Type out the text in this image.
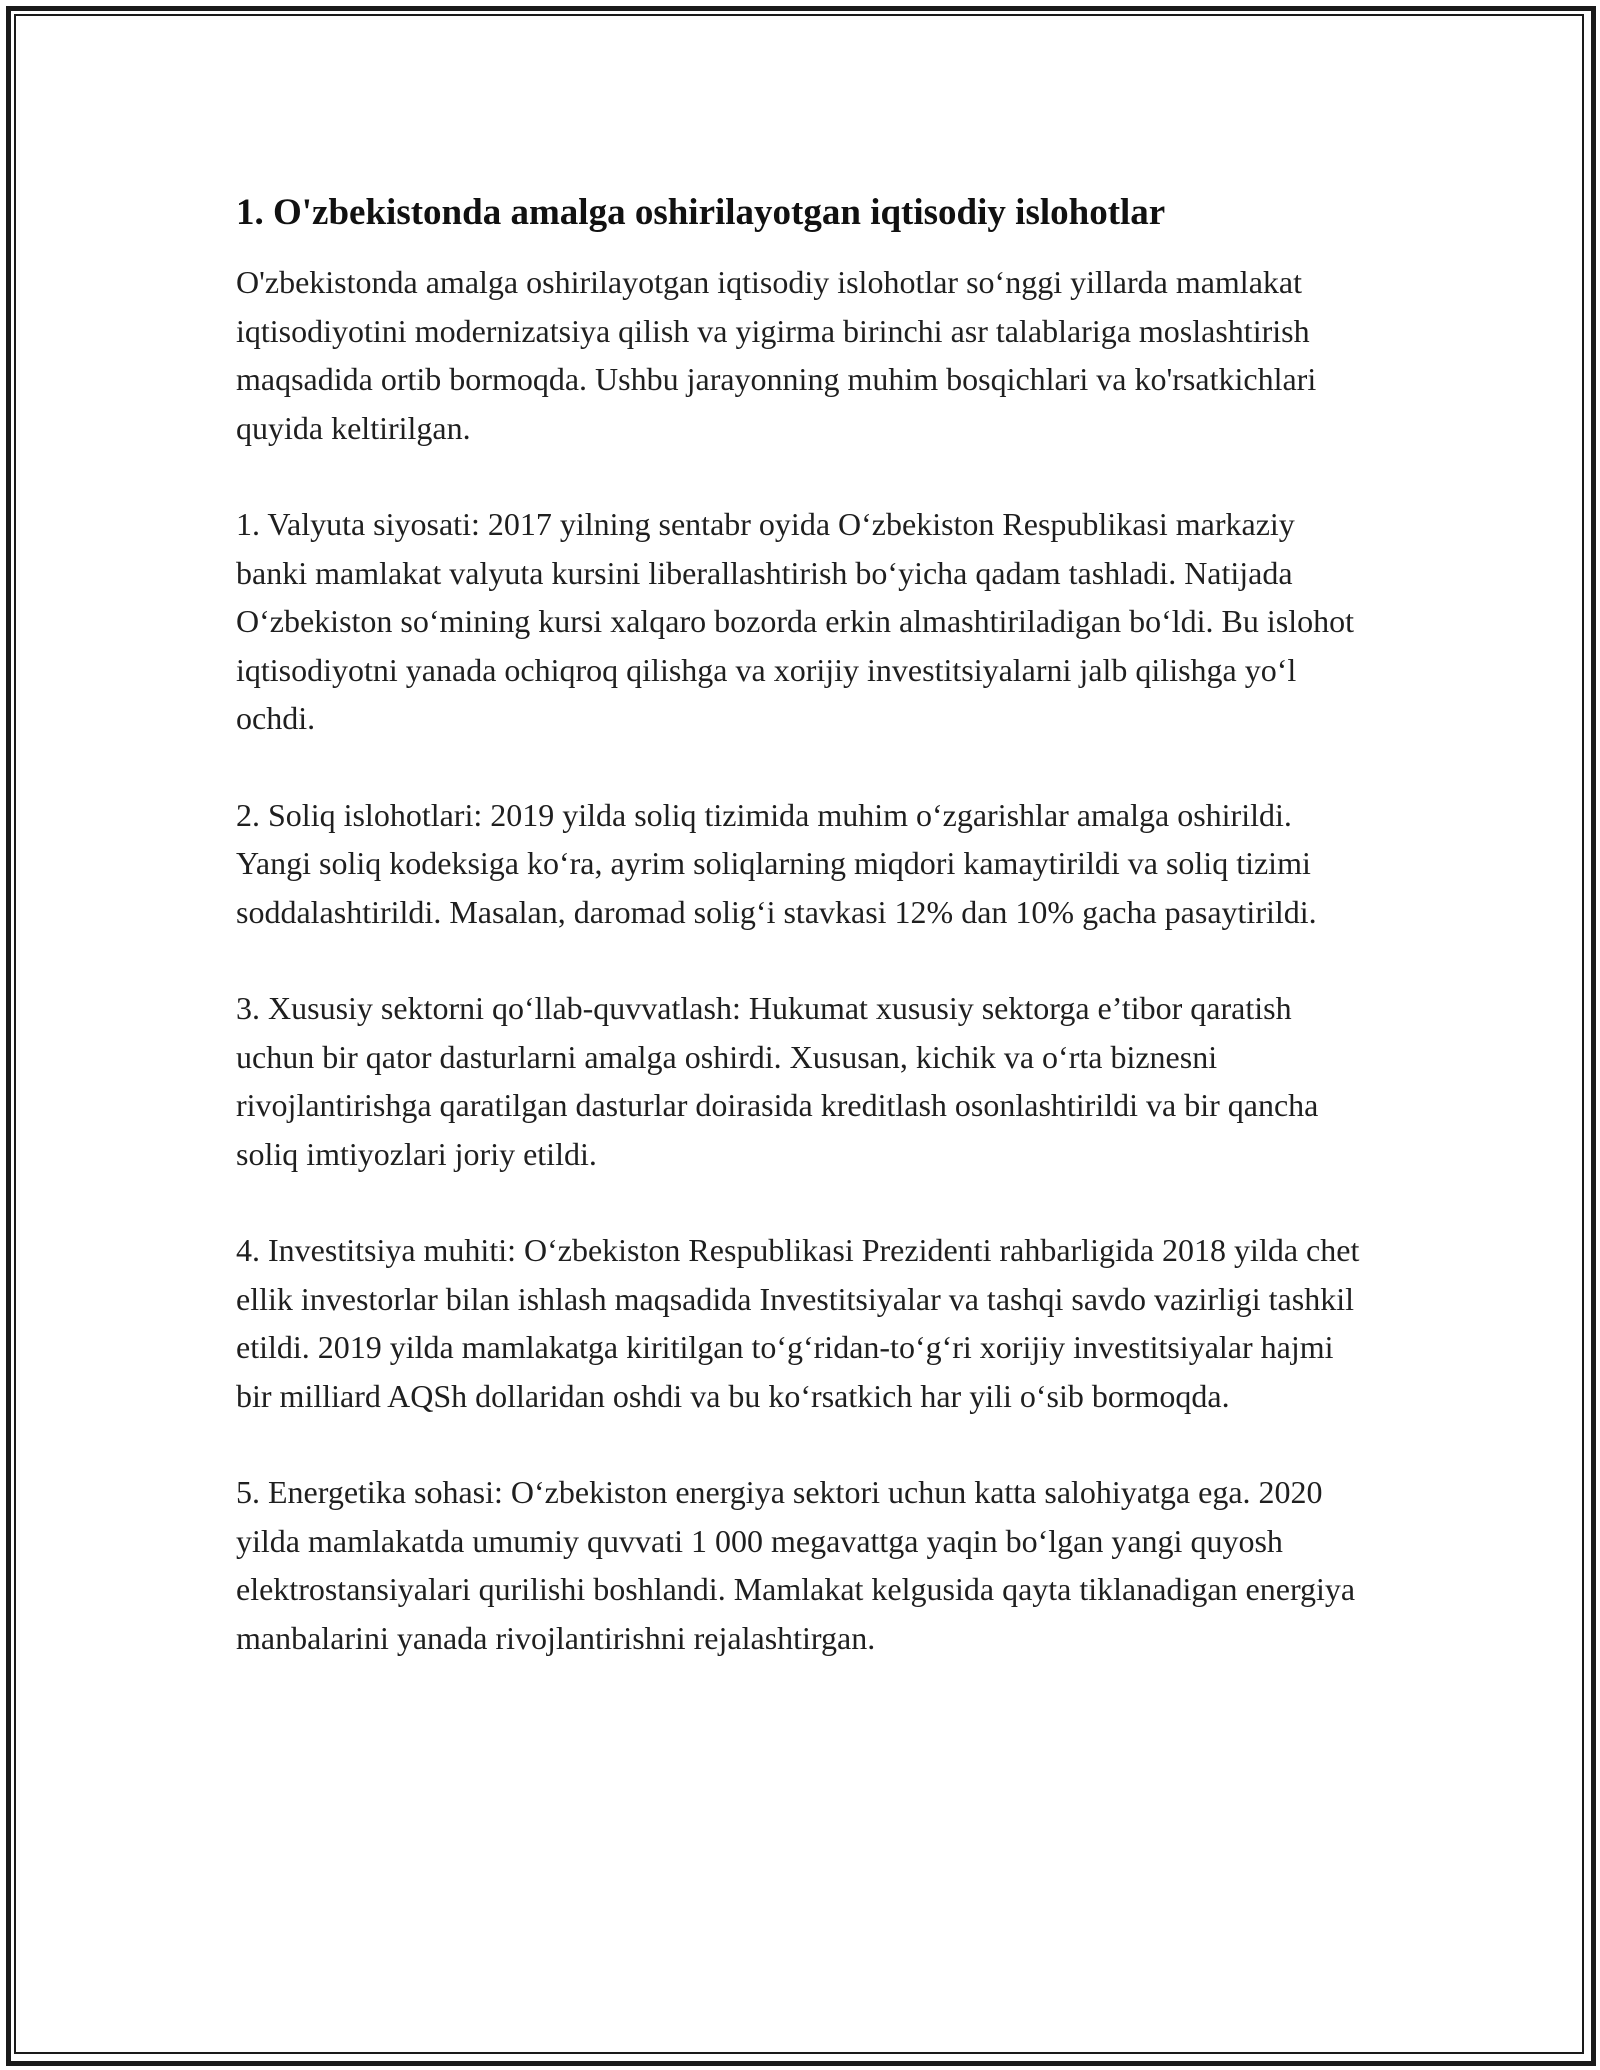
1. O'zbekistonda amalga oshirilayotgan iqtisodiy islohotlar

O'zbekistonda amalga oshirilayotgan iqtisodiy islohotlar so‘nggi yillarda mamlakat iqtisodiyotini modernizatsiya qilish va yigirma birinchi asr talablariga moslashtirish maqsadida ortib bormoqda. Ushbu jarayonning muhim bosqichlari va ko'rsatkichlari quyida keltirilgan.

1. Valyuta siyosati: 2017 yilning sentabr oyida O‘zbekiston Respublikasi markaziy banki mamlakat valyuta kursini liberallashtirish bo‘yicha qadam tashladi. Natijada O‘zbekiston so‘mining kursi xalqaro bozorda erkin almashtiriladigan bo‘ldi. Bu islohot iqtisodiyotni yanada ochiqroq qilishga va xorijiy investitsiyalarni jalb qilishga yo‘l ochdi.

2. Soliq islohotlari: 2019 yilda soliq tizimida muhim o‘zgarishlar amalga oshirildi. Yangi soliq kodeksiga ko‘ra, ayrim soliqlarning miqdori kamaytirildi va soliq tizimi soddalashtirildi. Masalan, daromad solig‘i stavkasi 12% dan 10% gacha pasaytirildi.

3. Xususiy sektorni qo‘llab-quvvatlash: Hukumat xususiy sektorga e’tibor qaratish uchun bir qator dasturlarni amalga oshirdi. Xususan, kichik va o‘rta biznesni rivojlantirishga qaratilgan dasturlar doirasida kreditlash osonlashtirildi va bir qancha soliq imtiyozlari joriy etildi.

4. Investitsiya muhiti: O‘zbekiston Respublikasi Prezidenti rahbarligida 2018 yilda chet ellik investorlar bilan ishlash maqsadida Investitsiyalar va tashqi savdo vazirligi tashkil etildi. 2019 yilda mamlakatga kiritilgan to‘g‘ridan-to‘g‘ri xorijiy investitsiyalar hajmi bir milliard AQSh dollaridan oshdi va bu ko‘rsatkich har yili o‘sib bormoqda.

5. Energetika sohasi: O‘zbekiston energiya sektori uchun katta salohiyatga ega. 2020 yilda mamlakatda umumiy quvvati 1 000 megavattga yaqin bo‘lgan yangi quyosh elektrostansiyalari qurilishi boshlandi. Mamlakat kelgusida qayta tiklanadigan energiya manbalarini yanada rivojlantirishni rejalashtirgan.
